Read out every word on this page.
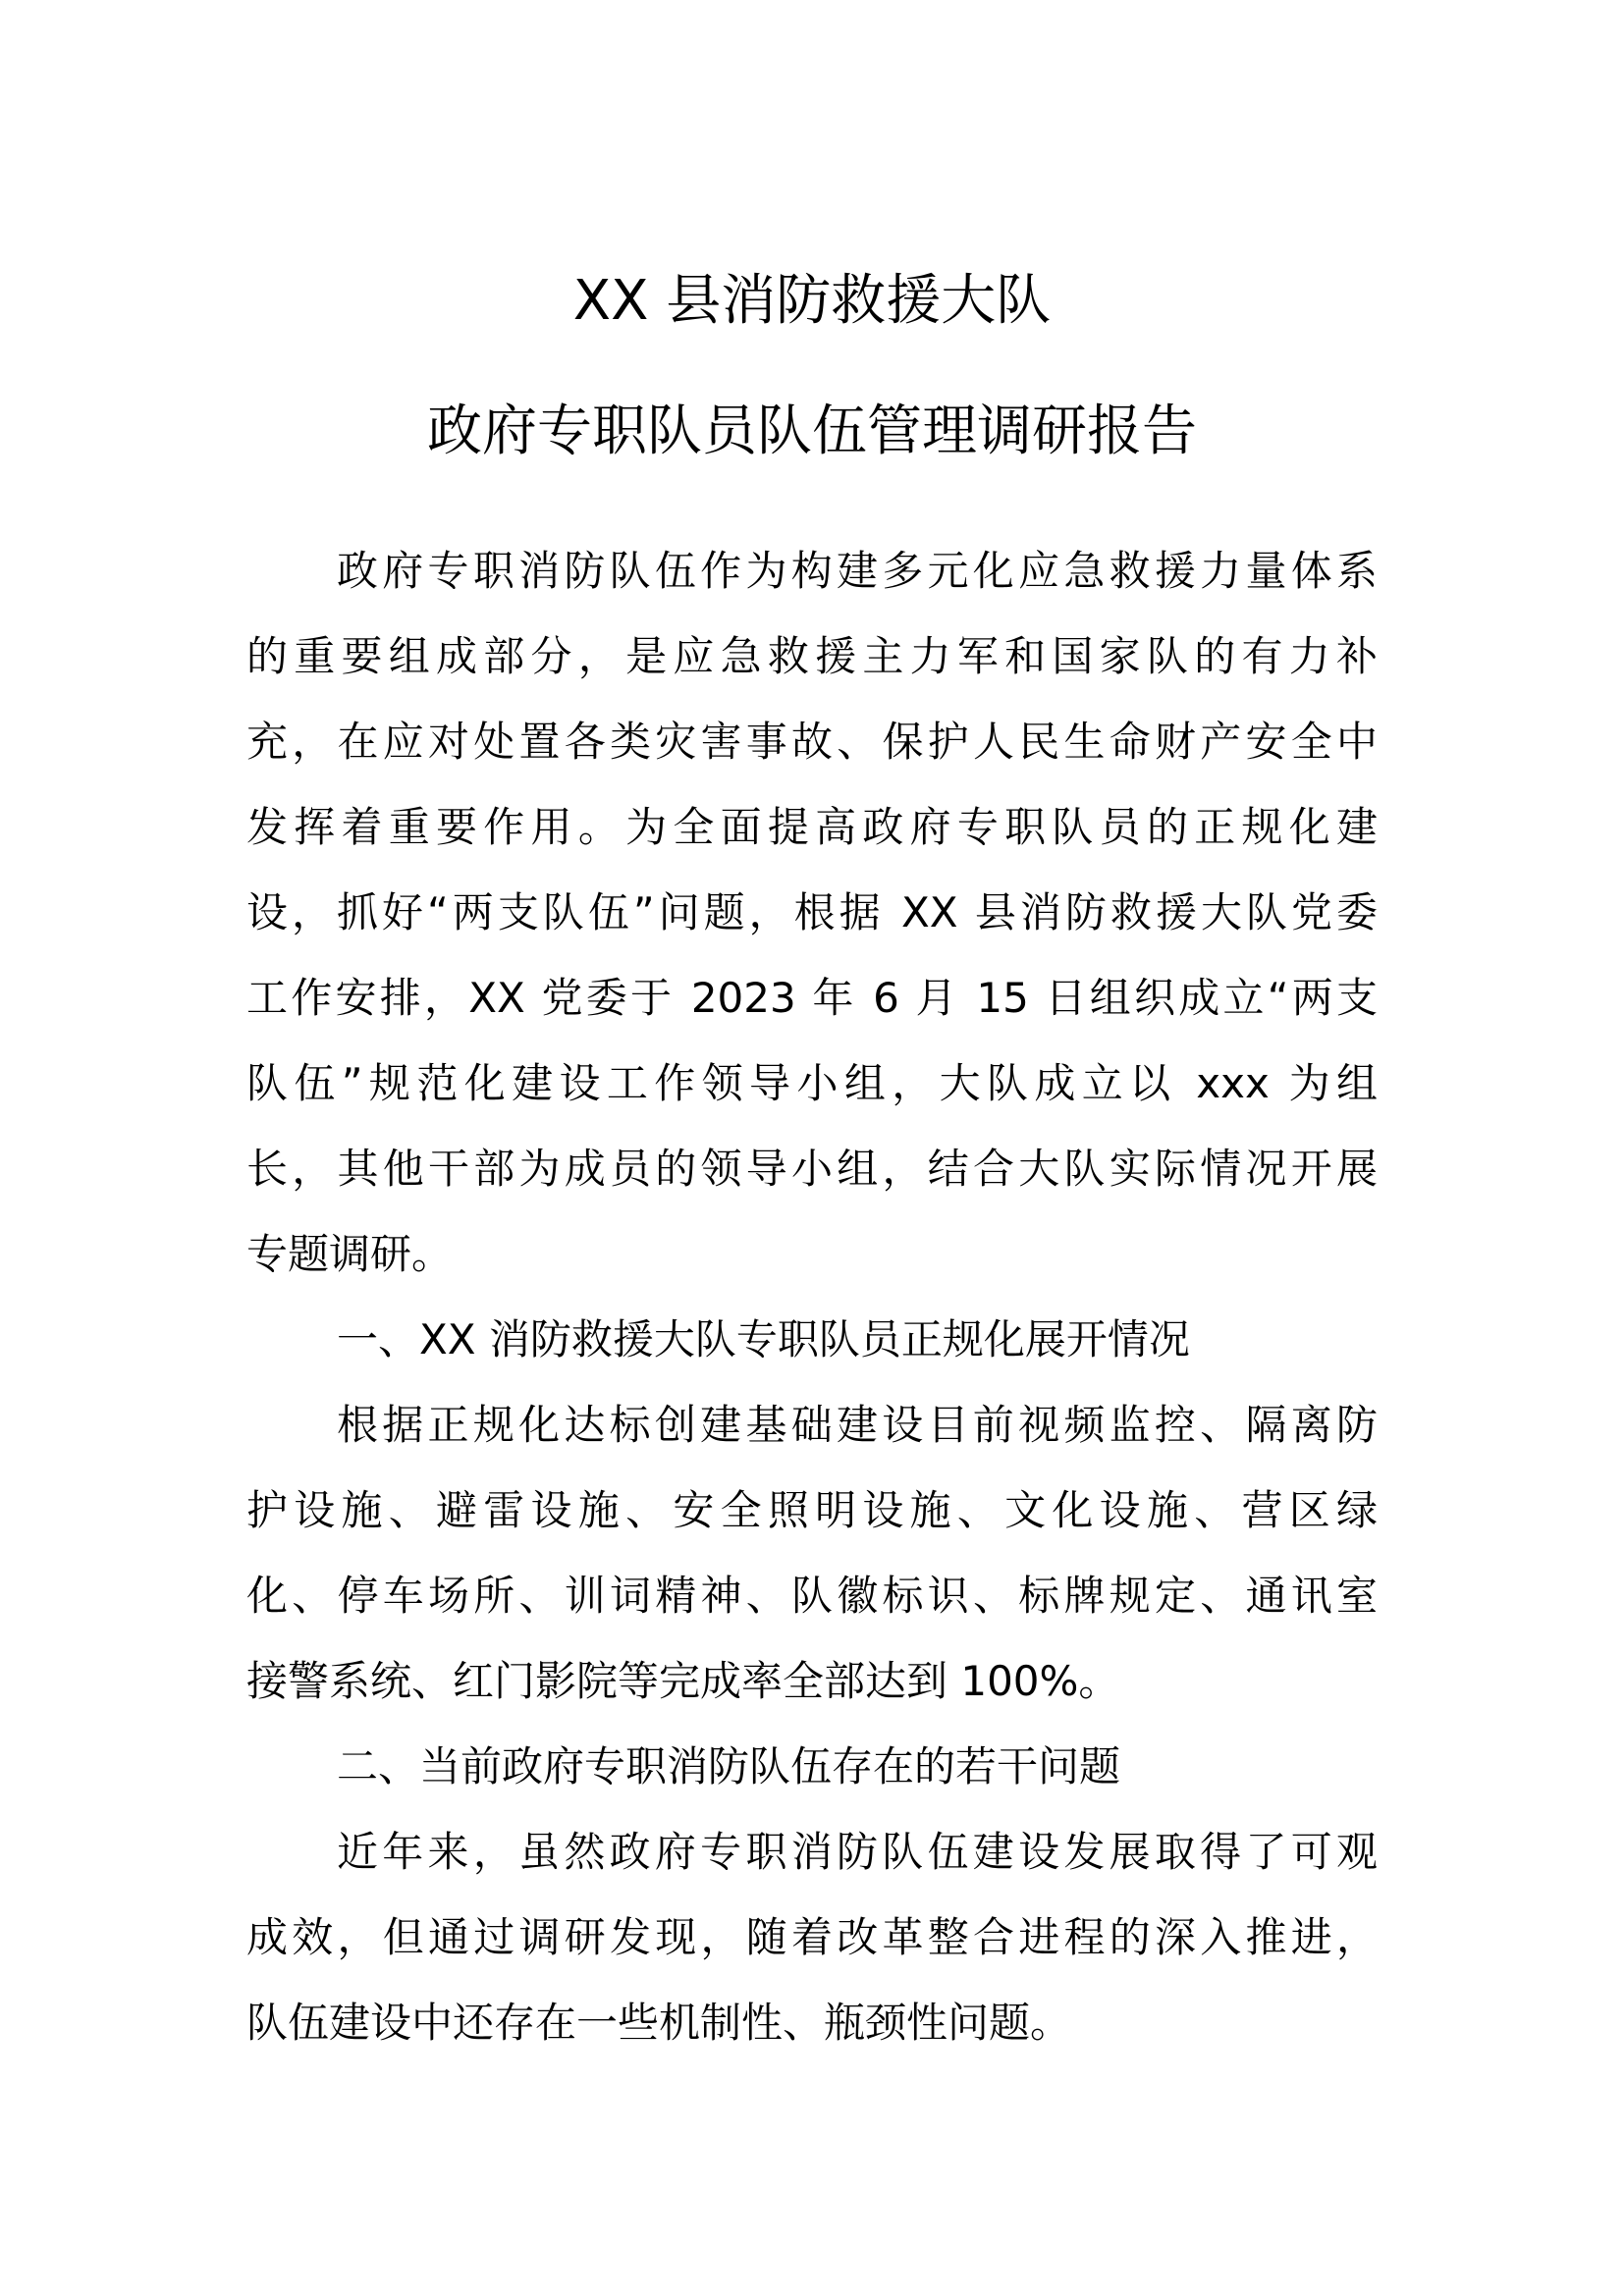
XX 县消防救援大队
政府专职队员队伍管理调研报告
政府专职消防队伍作为构建多元化应急救援力量体系
的重要组成部分，是应急救援主力军和国家队的有力补
充，在应对处置各类灾害事故、保护人民生命财产安全中
发挥着重要作用。为全面提高政府专职队员的正规化建
设，抓好“两支队伍”问题，根据 XX 县消防救援大队党委
工作安排，XX 党委于 2023 年 6 月 15 日组织成立“两支
队伍”规范化建设工作领导小组，大队成立以 xxx 为组
长，其他干部为成员的领导小组，结合大队实际情况开展
专题调研。
一、XX 消防救援大队专职队员正规化展开情况
根据正规化达标创建基础建设目前视频监控、隔离防
护设施、避雷设施、安全照明设施、文化设施、营区绿
化、停车场所、训词精神、队徽标识、标牌规定、通讯室
接警系统、红门影院等完成率全部达到 100%。
二、当前政府专职消防队伍存在的若干问题
近年来，虽然政府专职消防队伍建设发展取得了可观
成效，但通过调研发现，随着改革整合进程的深入推进，
队伍建设中还存在一些机制性、瓶颈性问题。
